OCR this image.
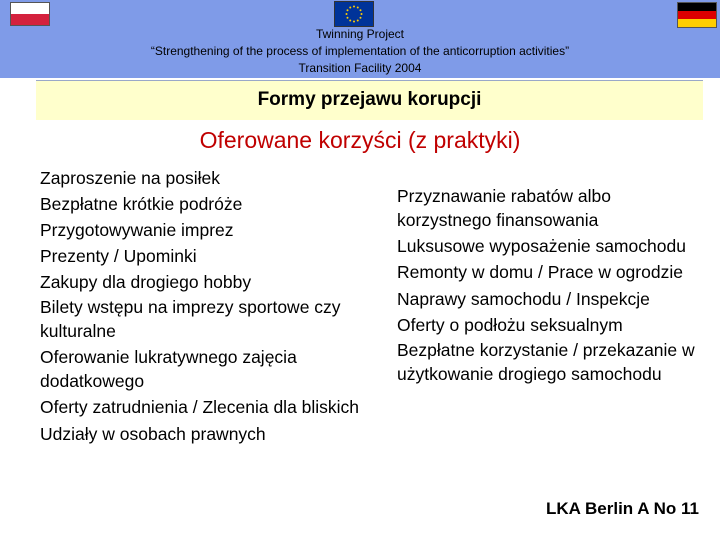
Twinning Project
“Strengthening of the process of implementation of the anticorruption activities”
Transition Facility 2004
Formy przejawu korupcji
Oferowane korzyści (z praktyki)
Zaproszenie na posiłek
Bezpłatne krótkie podróże
Przygotowywanie imprez
Prezenty / Upominki
Zakupy dla drogiego hobby
Bilety wstępu na imprezy sportowe czy kulturalne
Oferowanie lukratywnego zajęcia dodatkowego
Oferty zatrudnienia / Zlecenia dla bliskich
Udziały w osobach prawnych
Przyznawanie rabatów albo korzystnego finansowania
Luksusowe wyposażenie samochodu
Remonty w domu / Prace w ogrodzie
Naprawy samochodu / Inspekcje
Oferty o podłożu seksualnym
Bezpłatne korzystanie / przekazanie w użytkowanie drogiego samochodu
LKA Berlin A No 11
